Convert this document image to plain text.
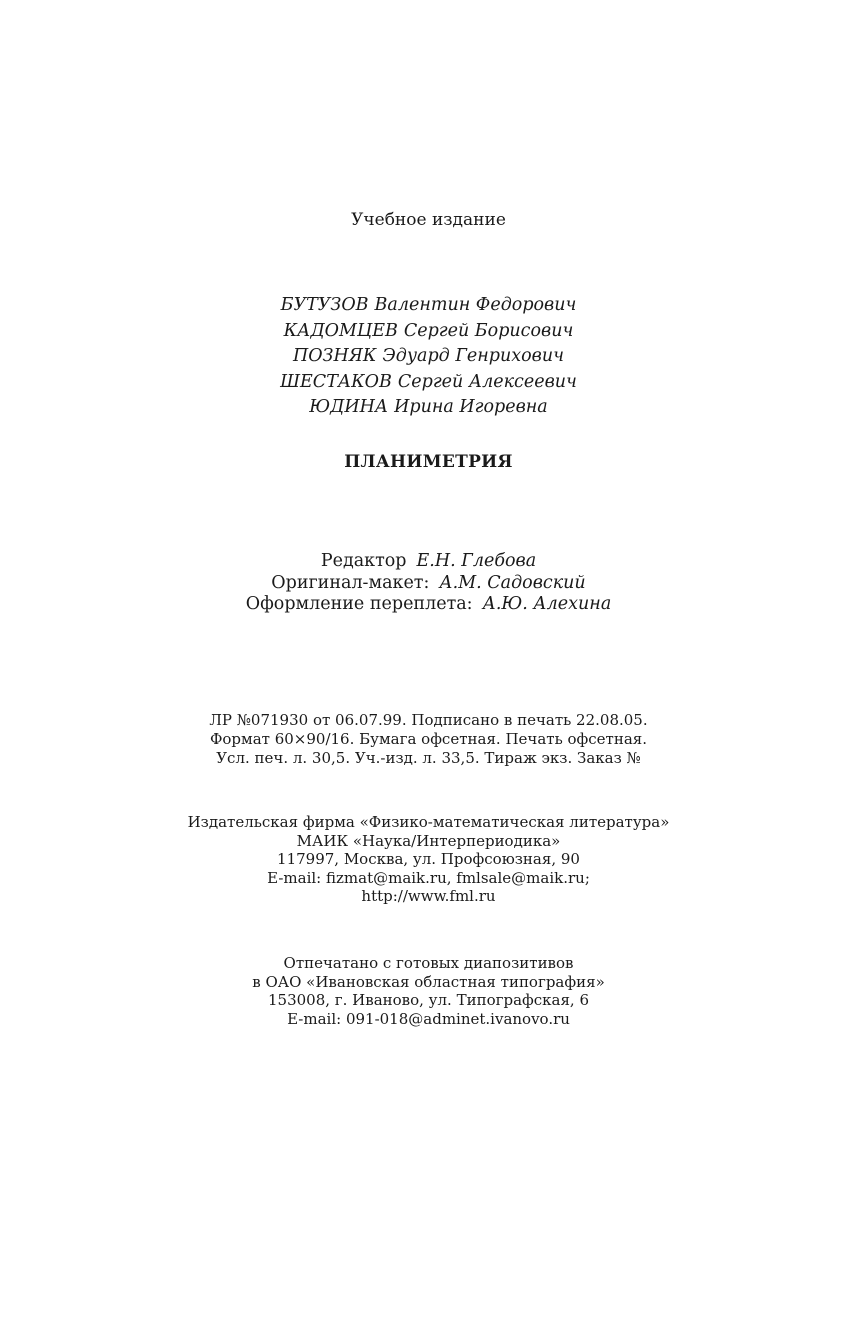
Учебное издание
БУТУЗОВ Валентин Федорович
КАДОМЦЕВ Сергей Борисович
ПОЗНЯК Эдуард Генрихович
ШЕСТАКОВ Сергей Алексеевич
ЮДИНА Ирина Игоревна
ПЛАНИМЕТРИЯ
Редактор Е.Н. Глебова
Оригинал-макет: А.М. Садовский
Оформление переплета: А.Ю. Алехина
ЛР №071930 от 06.07.99. Подписано в печать 22.08.05.
Формат 60×90/16. Бумага офсетная. Печать офсетная.
Усл. печ. л. 30,5. Уч.-изд. л. 33,5. Тираж экз. Заказ №
Издательская фирма «Физико-математическая литература»
МАИК «Наука/Интерпериодика»
117997, Москва, ул. Профсоюзная, 90
E-mail: fizmat@maik.ru, fmlsale@maik.ru;
http://www.fml.ru
Отпечатано с готовых диапозитивов
в ОАО «Ивановская областная типография»
153008, г. Иваново, ул. Типографская, 6
E-mail: 091-018@adminet.ivanovo.ru
